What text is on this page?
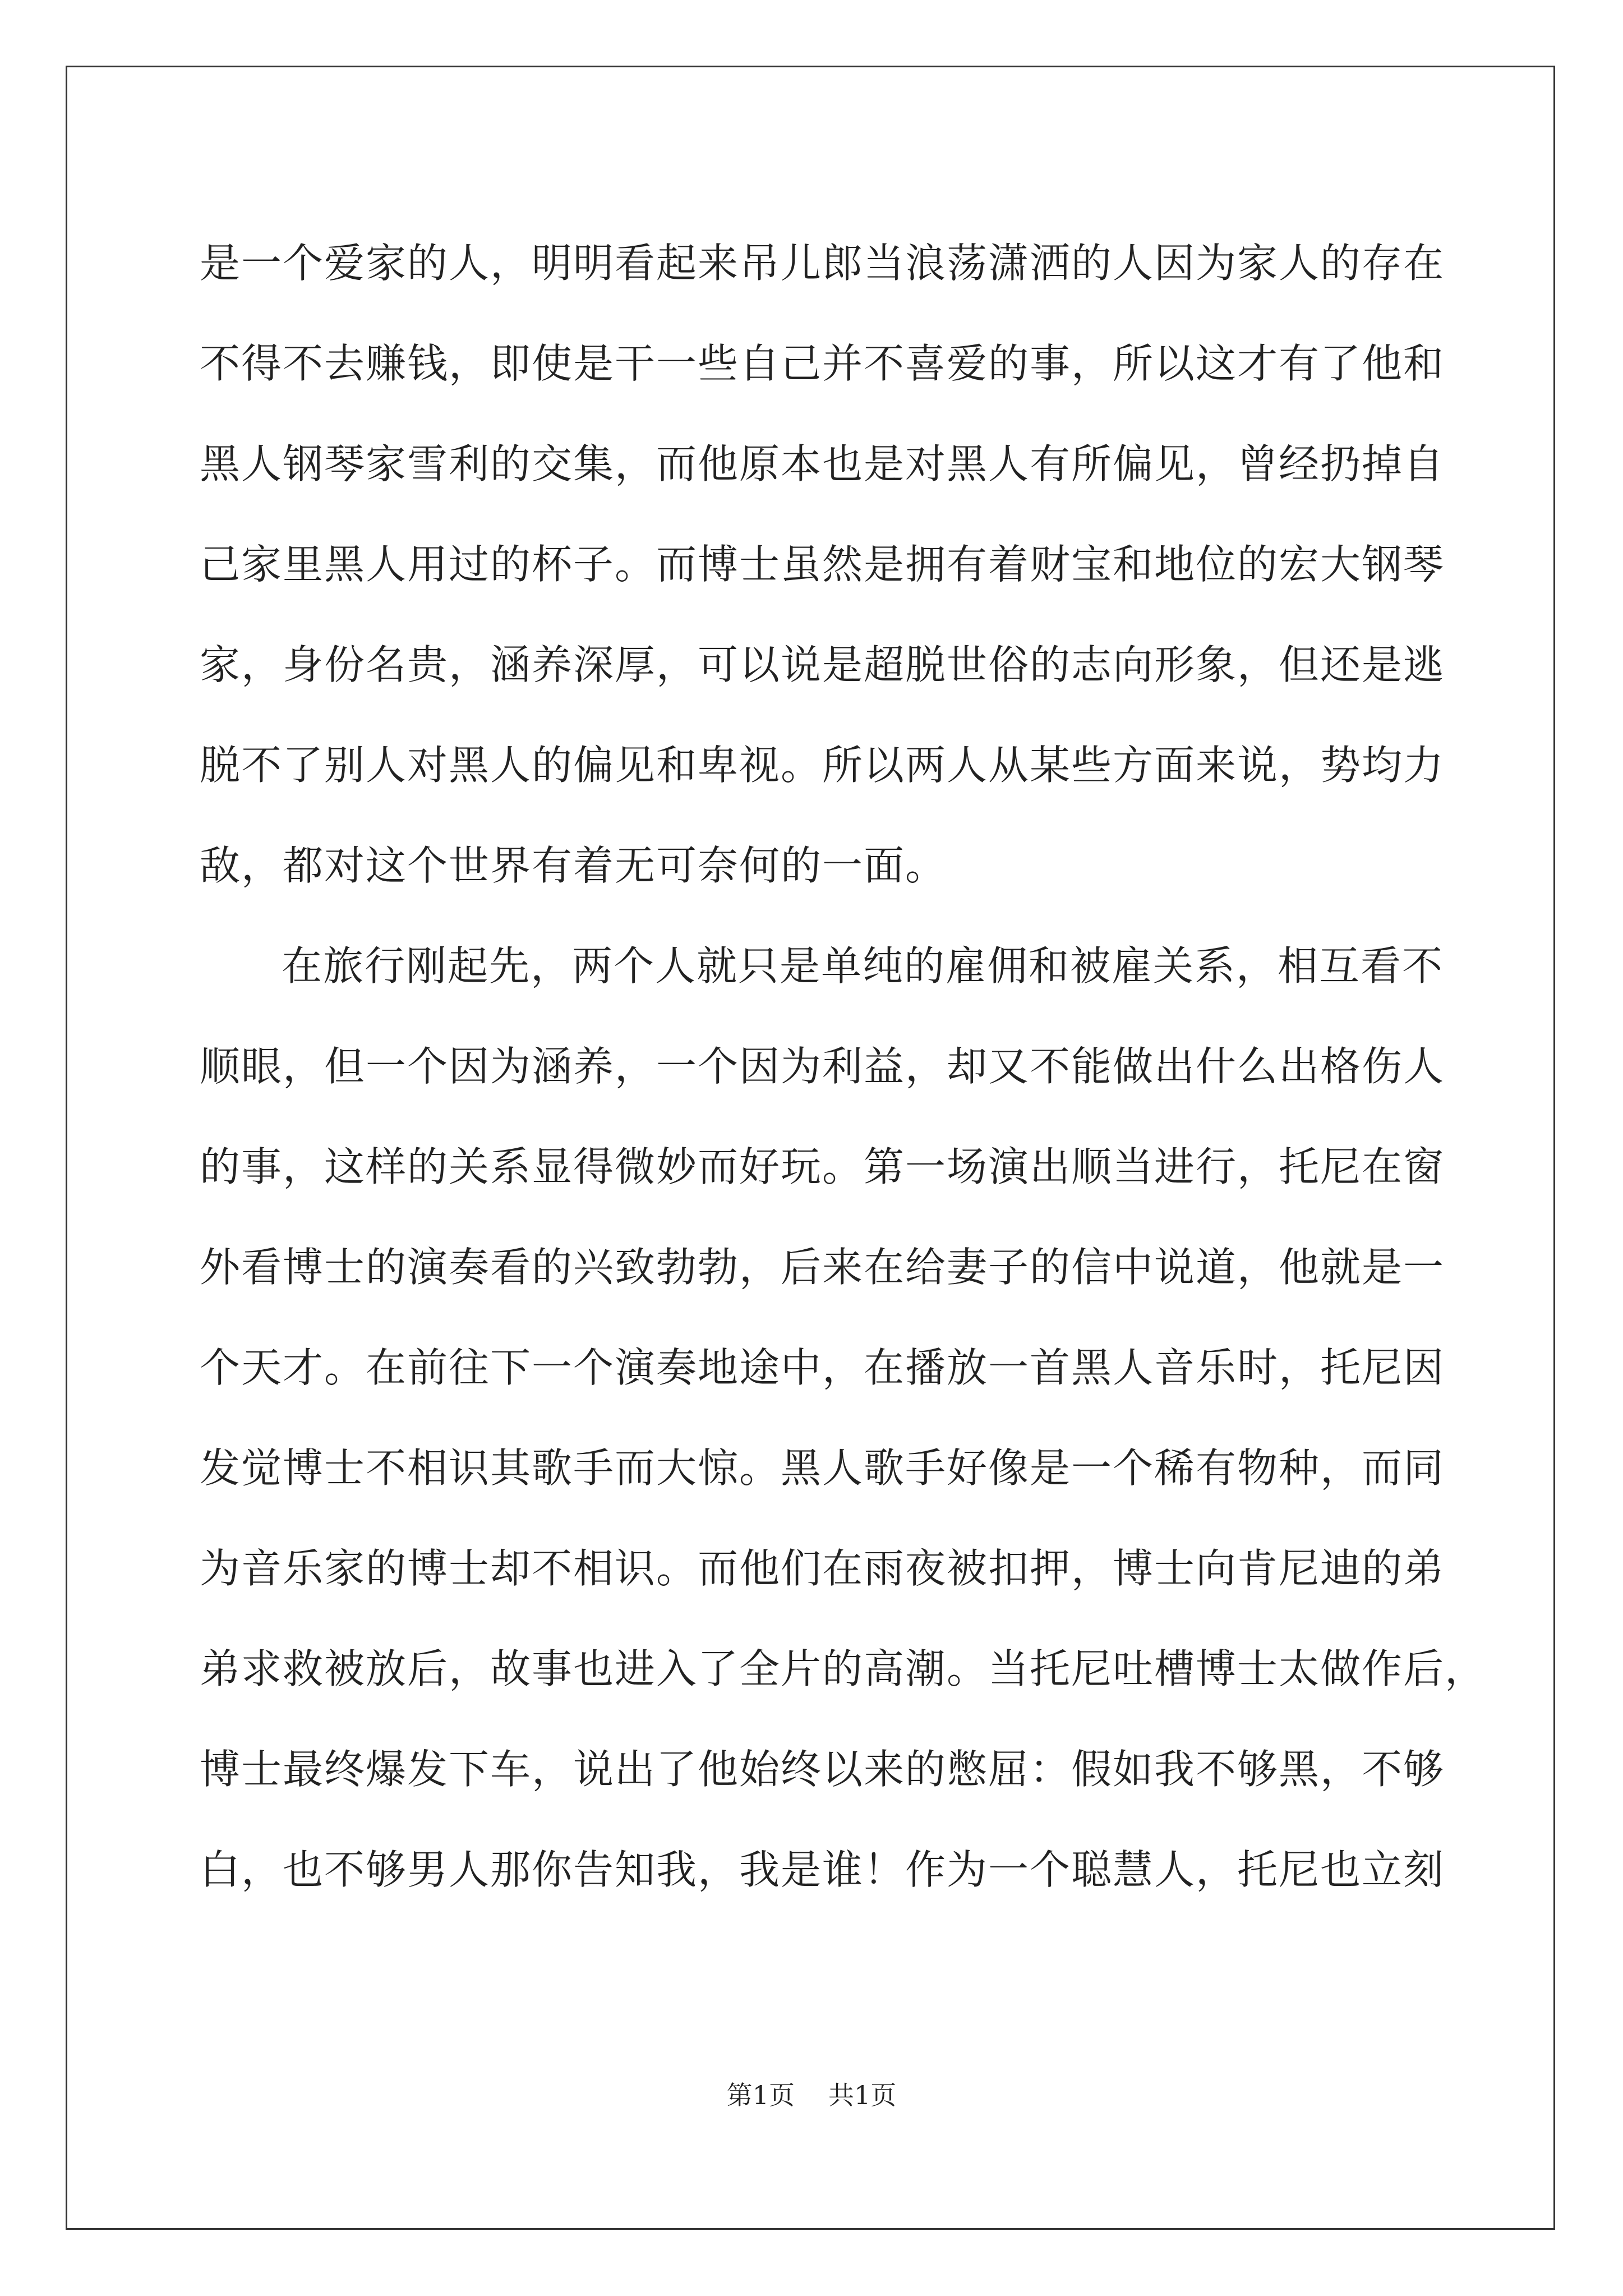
是一个爱家的人，明明看起来吊儿郎当浪荡潇洒的人因为家人的存在
不得不去赚钱，即使是干一些自己并不喜爱的事，所以这才有了他和
黑人钢琴家雪利的交集，而他原本也是对黑人有所偏见，曾经扔掉自
己家里黑人用过的杯子。而博士虽然是拥有着财宝和地位的宏大钢琴
家，身份名贵，涵养深厚，可以说是超脱世俗的志向形象，但还是逃
脱不了别人对黑人的偏见和卑视。所以两人从某些方面来说，势均力
敌，都对这个世界有着无可奈何的一面。
在旅行刚起先，两个人就只是单纯的雇佣和被雇关系，相互看不
顺眼，但一个因为涵养，一个因为利益，却又不能做出什么出格伤人
的事，这样的关系显得微妙而好玩。第一场演出顺当进行，托尼在窗
外看博士的演奏看的兴致勃勃，后来在给妻子的信中说道，他就是一
个天才。在前往下一个演奏地途中，在播放一首黑人音乐时，托尼因
发觉博士不相识其歌手而大惊。黑人歌手好像是一个稀有物种，而同
为音乐家的博士却不相识。而他们在雨夜被扣押，博士向肯尼迪的弟
弟求救被放后，故事也进入了全片的高潮。当托尼吐槽博士太做作后，
博士最终爆发下车，说出了他始终以来的憋屈：假如我不够黑，不够
白，也不够男人那你告知我，我是谁！作为一个聪慧人，托尼也立刻
第1页 共1页
